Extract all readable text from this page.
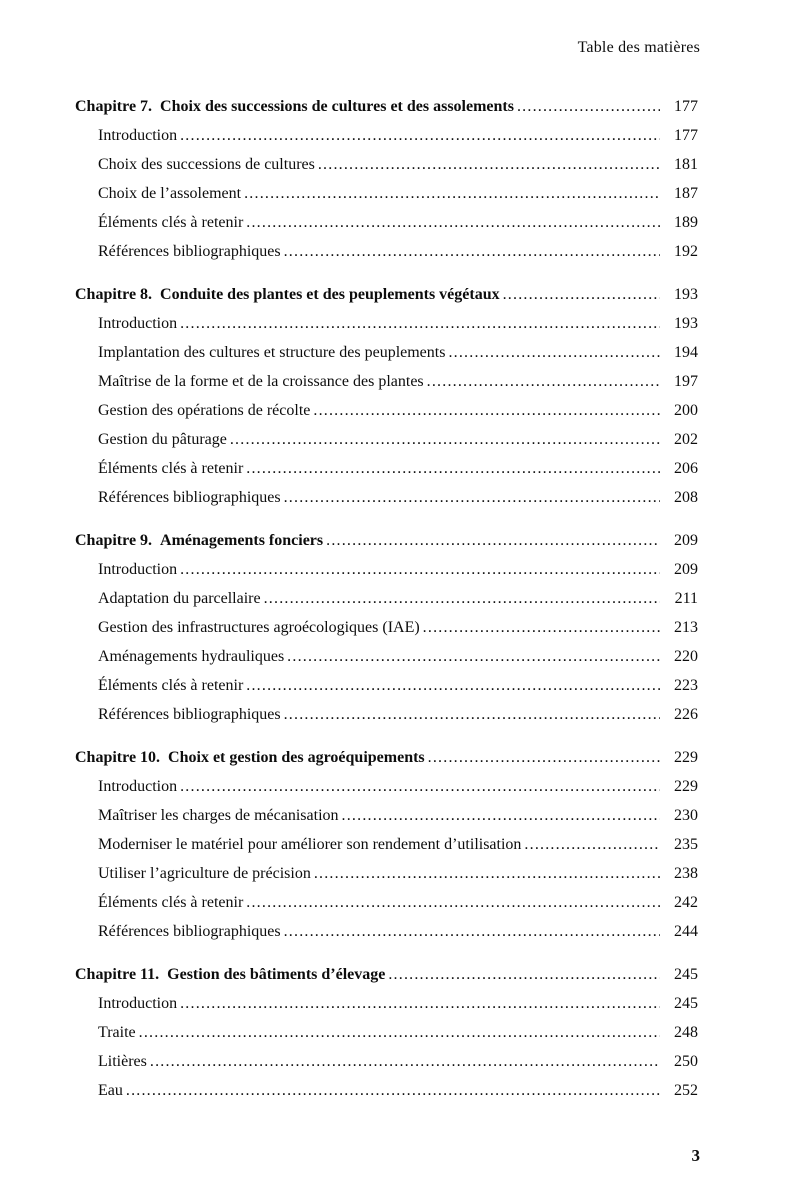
Table des matières
Chapitre 7. Choix des successions de cultures et des assolements .....	177
Introduction .....	177
Choix des successions de cultures .....	181
Choix de l’assolement .....	187
Éléments clés à retenir .....	189
Références bibliographiques .....	192
Chapitre 8. Conduite des plantes et des peuplements végétaux .....	193
Introduction .....	193
Implantation des cultures et structure des peuplements .....	194
Maîtrise de la forme et de la croissance des plantes .....	197
Gestion des opérations de récolte .....	200
Gestion du pâturage .....	202
Éléments clés à retenir .....	206
Références bibliographiques .....	208
Chapitre 9. Aménagements fonciers .....	209
Introduction .....	209
Adaptation du parcellaire .....	211
Gestion des infrastructures agroécologiques (IAE) .....	213
Aménagements hydrauliques .....	220
Éléments clés à retenir .....	223
Références bibliographiques .....	226
Chapitre 10. Choix et gestion des agroéquipements .....	229
Introduction .....	229
Maîtriser les charges de mécanisation .....	230
Moderniser le matériel pour améliorer son rendement d’utilisation .....	235
Utiliser l’agriculture de précision .....	238
Éléments clés à retenir .....	242
Références bibliographiques .....	244
Chapitre 11. Gestion des bâtiments d’élevage .....	245
Introduction .....	245
Traite .....	248
Litières .....	250
Eau .....	252
3
